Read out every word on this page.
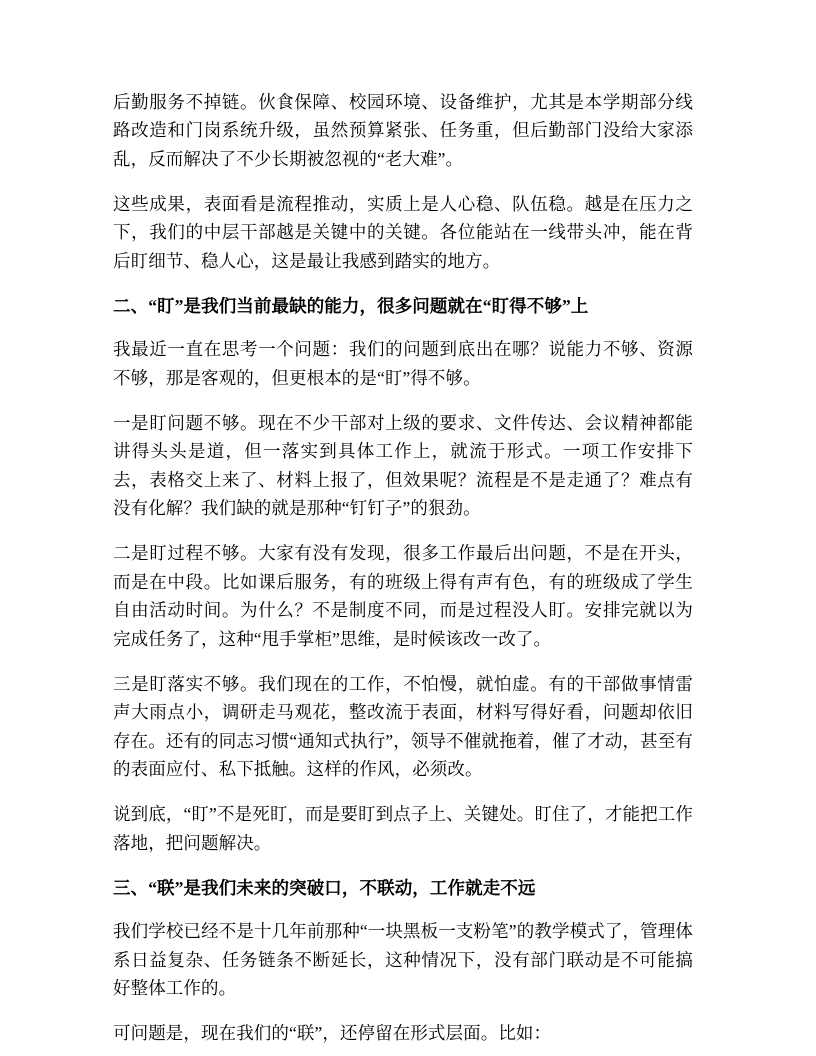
后勤服务不掉链。伙食保障、校园环境、设备维护，尤其是本学期部分线路改造和门岗系统升级，虽然预算紧张、任务重，但后勤部门没给大家添乱，反而解决了不少长期被忽视的“老大难”。

这些成果，表面看是流程推动，实质上是人心稳、队伍稳。越是在压力之下，我们的中层干部越是关键中的关键。各位能站在一线带头冲，能在背后盯细节、稳人心，这是最让我感到踏实的地方。

二、“盯”是我们当前最缺的能力，很多问题就在“盯得不够”上

我最近一直在思考一个问题：我们的问题到底出在哪？说能力不够、资源不够，那是客观的，但更根本的是“盯”得不够。

一是盯问题不够。现在不少干部对上级的要求、文件传达、会议精神都能讲得头头是道，但一落实到具体工作上，就流于形式。一项工作安排下去，表格交上来了、材料上报了，但效果呢？流程是不是走通了？难点有没有化解？我们缺的就是那种“钉钉子”的狠劲。

二是盯过程不够。大家有没有发现，很多工作最后出问题，不是在开头，而是在中段。比如课后服务，有的班级上得有声有色，有的班级成了学生自由活动时间。为什么？不是制度不同，而是过程没人盯。安排完就以为完成任务了，这种“甩手掌柜”思维，是时候该改一改了。

三是盯落实不够。我们现在的工作，不怕慢，就怕虚。有的干部做事情雷声大雨点小，调研走马观花，整改流于表面，材料写得好看，问题却依旧存在。还有的同志习惯“通知式执行”，领导不催就拖着，催了才动，甚至有的表面应付、私下抵触。这样的作风，必须改。

说到底，“盯”不是死盯，而是要盯到点子上、关键处。盯住了，才能把工作落地，把问题解决。

三、“联”是我们未来的突破口，不联动，工作就走不远

我们学校已经不是十几年前那种“一块黑板一支粉笔”的教学模式了，管理体系日益复杂、任务链条不断延长，这种情况下，没有部门联动是不可能搞好整体工作的。

可问题是，现在我们的“联”，还停留在形式层面。比如：
